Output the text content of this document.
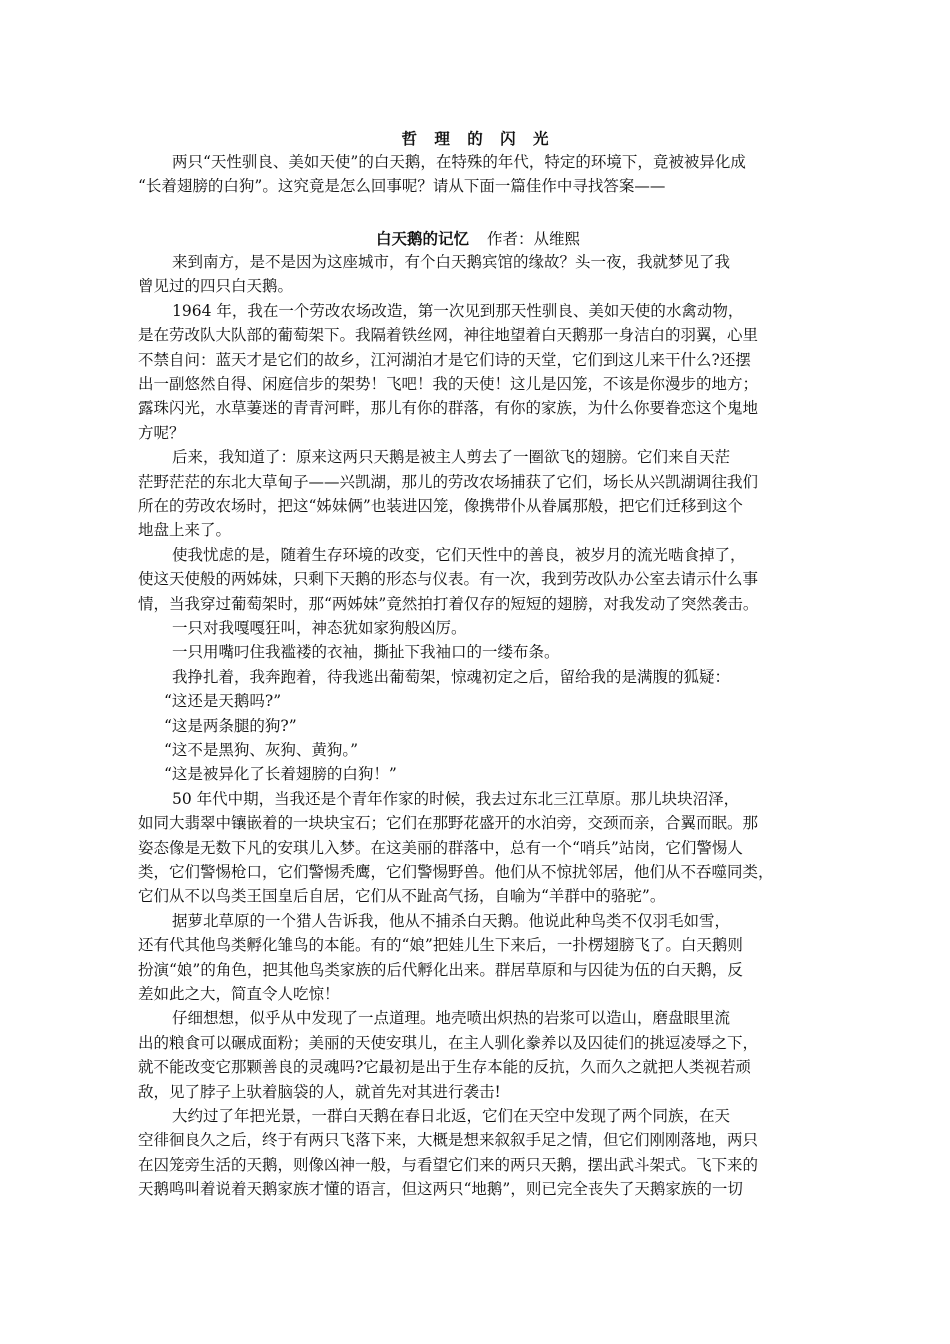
哲 理 的 闪 光
两只“天性驯良、美如天使”的白天鹅，在特殊的年代，特定的环境下，竟被被异化成
“长着翅膀的白狗”。这究竟是怎么回事呢？请从下面一篇佳作中寻找答案——
白天鹅的记忆 作者：从维熙
来到南方，是不是因为这座城市，有个白天鹅宾馆的缘故？头一夜，我就梦见了我
曾见过的四只白天鹅。
1964 年，我在一个劳改农场改造，第一次见到那天性驯良、美如天使的水禽动物，
是在劳改队大队部的葡萄架下。我隔着铁丝网，神往地望着白天鹅那一身洁白的羽翼，心里
不禁自问：蓝天才是它们的故乡，江河湖泊才是它们诗的天堂，它们到这儿来干什么?还摆
出一副悠然自得、闲庭信步的架势！飞吧！我的天使！这儿是囚笼，不该是你漫步的地方；
露珠闪光，水草萋迷的青青河畔，那儿有你的群落，有你的家族，为什么你要眷恋这个鬼地
方呢？
后来，我知道了：原来这两只天鹅是被主人剪去了一圈欲飞的翅膀。它们来自天茫
茫野茫茫的东北大草甸子——兴凯湖，那儿的劳改农场捕获了它们，场长从兴凯湖调往我们
所在的劳改农场时，把这“姊妹俩”也装进囚笼，像携带仆从眷属那般，把它们迁移到这个
地盘上来了。
使我忧虑的是，随着生存环境的改变，它们天性中的善良，被岁月的流光啮食掉了，
使这天使般的两姊妹，只剩下天鹅的形态与仪表。有一次，我到劳改队办公室去请示什么事
情，当我穿过葡萄架时，那“两姊妹”竟然拍打着仅存的短短的翅膀，对我发动了突然袭击。
一只对我嘎嘎狂叫，神态犹如家狗般凶厉。
一只用嘴叼住我褴褛的衣袖，撕扯下我袖口的一缕布条。
我挣扎着，我奔跑着，待我逃出葡萄架，惊魂初定之后，留给我的是满腹的狐疑：
“这还是天鹅吗?”
“这是两条腿的狗?”
“这不是黑狗、灰狗、黄狗。”
“这是被异化了长着翅膀的白狗！”
50 年代中期，当我还是个青年作家的时候，我去过东北三江草原。那儿块块沼泽，
如同大翡翠中镶嵌着的一块块宝石；它们在那野花盛开的水泊旁，交颈而亲，合翼而眠。那
姿态像是无数下凡的安琪儿入梦。在这美丽的群落中，总有一个“哨兵”站岗，它们警惕人
类，它们警惕枪口，它们警惕秃鹰，它们警惕野兽。他们从不惊扰邻居，他们从不吞噬同类，
它们从不以鸟类王国皇后自居，它们从不趾高气扬，自喻为“羊群中的骆驼”。
据萝北草原的一个猎人告诉我，他从不捕杀白天鹅。他说此种鸟类不仅羽毛如雪，
还有代其他鸟类孵化雏鸟的本能。有的“娘”把娃儿生下来后，一扑楞翅膀飞了。白天鹅则
扮演“娘”的角色，把其他鸟类家族的后代孵化出来。群居草原和与囚徒为伍的白天鹅，反
差如此之大，简直令人吃惊！
仔细想想，似乎从中发现了一点道理。地壳喷出炽热的岩浆可以造山，磨盘眼里流
出的粮食可以碾成面粉；美丽的天使安琪儿，在主人驯化豢养以及囚徒们的挑逗凌辱之下，
就不能改变它那颗善良的灵魂吗?它最初是出于生存本能的反抗，久而久之就把人类视若顽
敌，见了脖子上驮着脑袋的人，就首先对其进行袭击!
大约过了年把光景，一群白天鹅在春日北返，它们在天空中发现了两个同族，在天
空徘徊良久之后，终于有两只飞落下来，大概是想来叙叙手足之情，但它们刚刚落地，两只
在囚笼旁生活的天鹅，则像凶神一般，与看望它们来的两只天鹅，摆出武斗架式。飞下来的
天鹅鸣叫着说着天鹅家族才懂的语言，但这两只“地鹅”，则已完全丧失了天鹅家族的一切
